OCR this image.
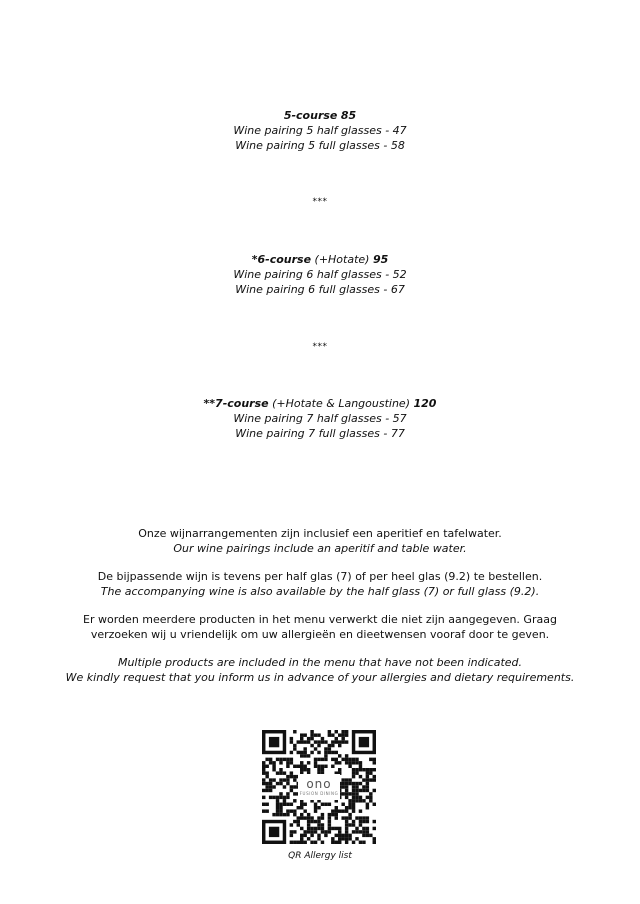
5-course 85
Wine pairing 5 half glasses - 47
Wine pairing 5 full glasses - 58
***
*6-course (+Hotate) 95
Wine pairing 6 half glasses - 52
Wine pairing 6 full glasses - 67
***
**7-course (+Hotate & Langoustine) 120
Wine pairing 7 half glasses - 57
Wine pairing 7 full glasses - 77
Onze wijnarrangementen zijn inclusief een aperitief en tafelwater.
Our wine pairings include an aperitif and table water.
De bijpassende wijn is tevens per half glas (7) of per heel glas (9.2) te bestellen.
The accompanying wine is also available by the half glass (7) or full glass (9.2).
Er worden meerdere producten in het menu verwerkt die niet zijn aangegeven. Graag
verzoeken wij u vriendelijk om uw allergieën en dieetwensen vooraf door te geven.
Multiple products are included in the menu that have not been indicated.
We kindly request that you inform us in advance of your allergies and dietary requirements.
ono
FUSION DINING
QR Allergy list
